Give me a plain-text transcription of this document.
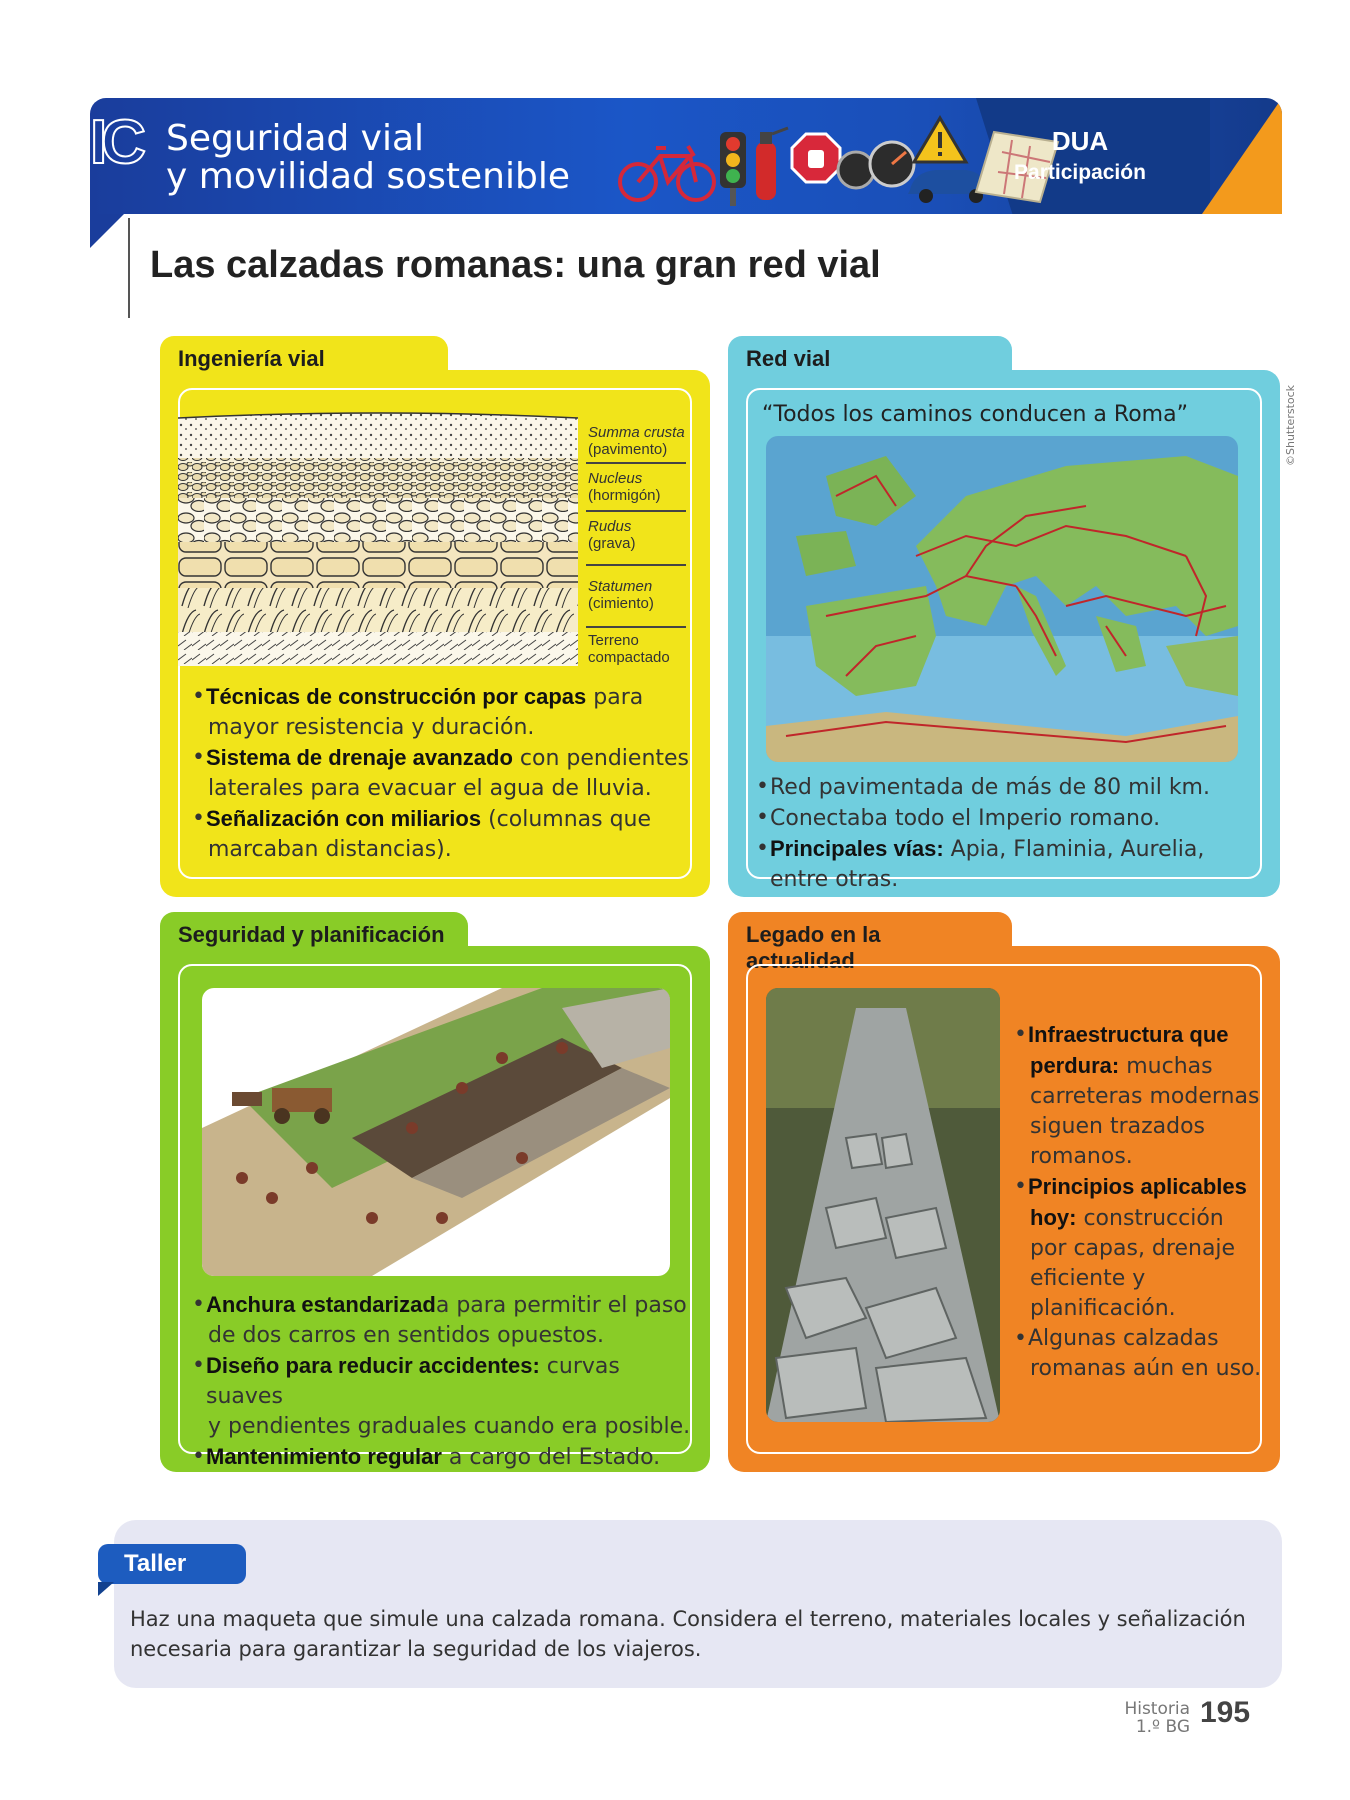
IC Seguridad vial
y movilidad sostenible
DUA
Participación
Las calzadas romanas: una gran red vial
©Shutterstock
Ingeniería vial
Summa crusta
(pavimento)
Nucleus
(hormigón)
Rudus
(grava)
Statumen
(cimiento)
Terreno compactado
• Técnicas de construcción por capas para
mayor resistencia y duración.
• Sistema de drenaje avanzado con pendientes
laterales para evacuar el agua de lluvia.
• Señalización con miliarios (columnas que
marcaban distancias).
Red vial
“Todos los caminos conducen a Roma”
• Red pavimentada de más de 80 mil km.
• Conectaba todo el Imperio romano.
• Principales vías: Apia, Flaminia, Aurelia, entre otras.
Seguridad y planificación
• Anchura estandarizada para permitir el paso
de dos carros en sentidos opuestos.
• Diseño para reducir accidentes: curvas suaves
y pendientes graduales cuando era posible.
• Mantenimiento regular a cargo del Estado.
Legado en la actualidad
• Infraestructura que
perdura: muchas
carreteras modernas
siguen trazados
romanos.
• Principios aplicables
hoy: construcción
por capas, drenaje
eficiente y
planificación.
• Algunas calzadas
romanas aún en uso.
Taller
Haz una maqueta que simule una calzada romana. Considera el terreno, materiales locales y señalización necesaria para garantizar la seguridad de los viajeros.
Historia
1.º BG 195
